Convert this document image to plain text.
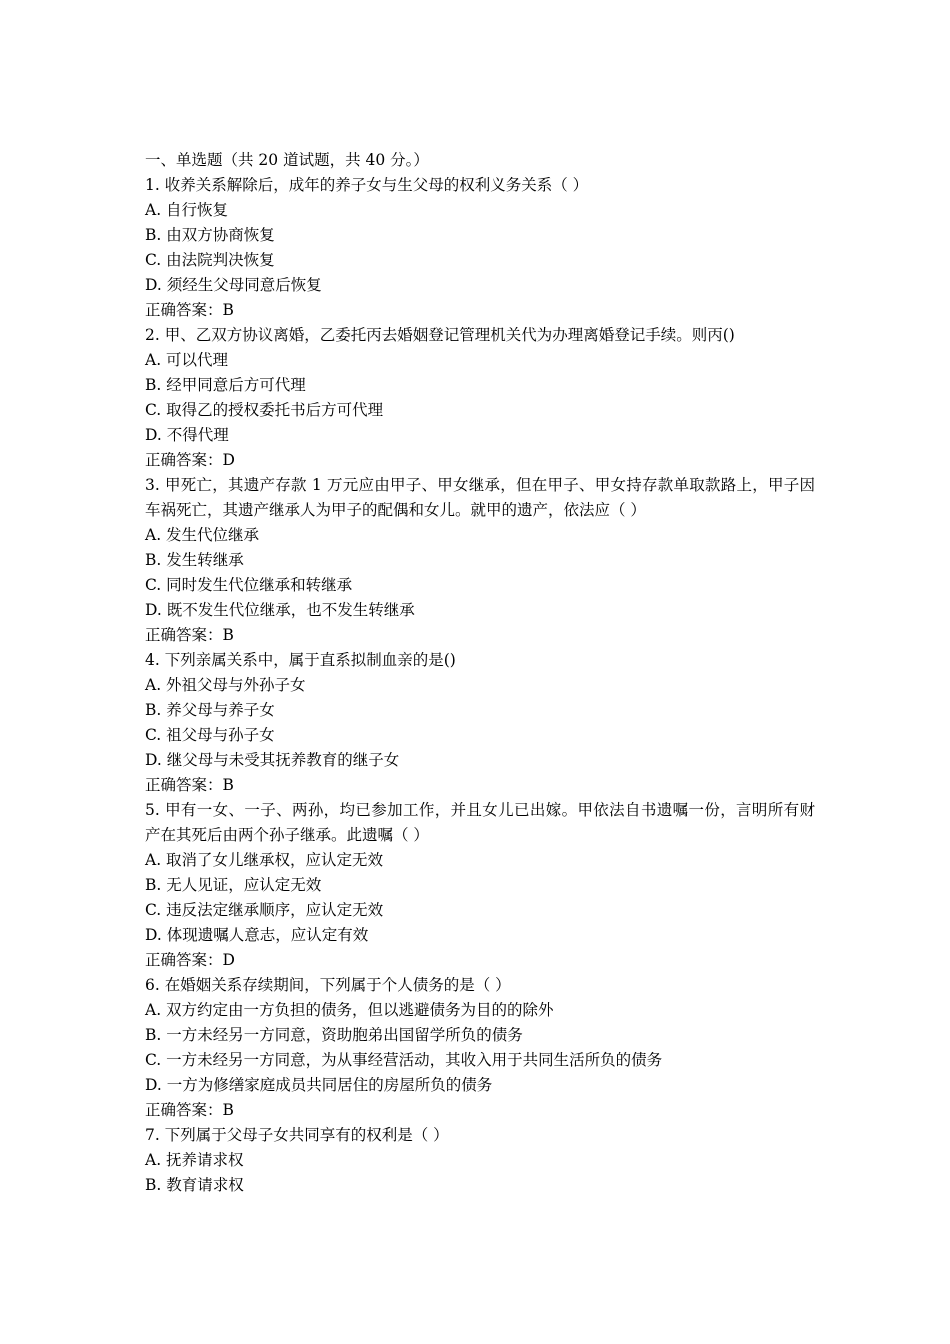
一、单选题（共 20 道试题，共 40 分。）

1. 收养关系解除后，成年的养子女与生父母的权利义务关系（ ）

A. 自行恢复

B. 由双方协商恢复

C. 由法院判决恢复

D. 须经生父母同意后恢复

正确答案：B

2. 甲、乙双方协议离婚，乙委托丙去婚姻登记管理机关代为办理离婚登记手续。则丙()

A. 可以代理

B. 经甲同意后方可代理

C. 取得乙的授权委托书后方可代理

D. 不得代理

正确答案：D

3. 甲死亡，其遗产存款 1 万元应由甲子、甲女继承，但在甲子、甲女持存款单取款路上，甲子因车祸死亡，其遗产继承人为甲子的配偶和女儿。就甲的遗产，依法应（ ）

A. 发生代位继承

B. 发生转继承

C. 同时发生代位继承和转继承

D. 既不发生代位继承，也不发生转继承

正确答案：B

4. 下列亲属关系中，属于直系拟制血亲的是()

A. 外祖父母与外孙子女

B. 养父母与养子女

C. 祖父母与孙子女

D. 继父母与未受其抚养教育的继子女

正确答案：B

5. 甲有一女、一子、两孙，均已参加工作，并且女儿已出嫁。甲依法自书遗嘱一份，言明所有财产在其死后由两个孙子继承。此遗嘱（ ）

A. 取消了女儿继承权，应认定无效

B. 无人见证，应认定无效

C. 违反法定继承顺序，应认定无效

D. 体现遗嘱人意志，应认定有效

正确答案：D

6. 在婚姻关系存续期间，下列属于个人债务的是（ ）

A. 双方约定由一方负担的债务，但以逃避债务为目的的除外

B. 一方未经另一方同意，资助胞弟出国留学所负的债务

C. 一方未经另一方同意，为从事经营活动，其收入用于共同生活所负的债务

D. 一方为修缮家庭成员共同居住的房屋所负的债务

正确答案：B

7. 下列属于父母子女共同享有的权利是（ ）

A. 抚养请求权

B. 教育请求权
